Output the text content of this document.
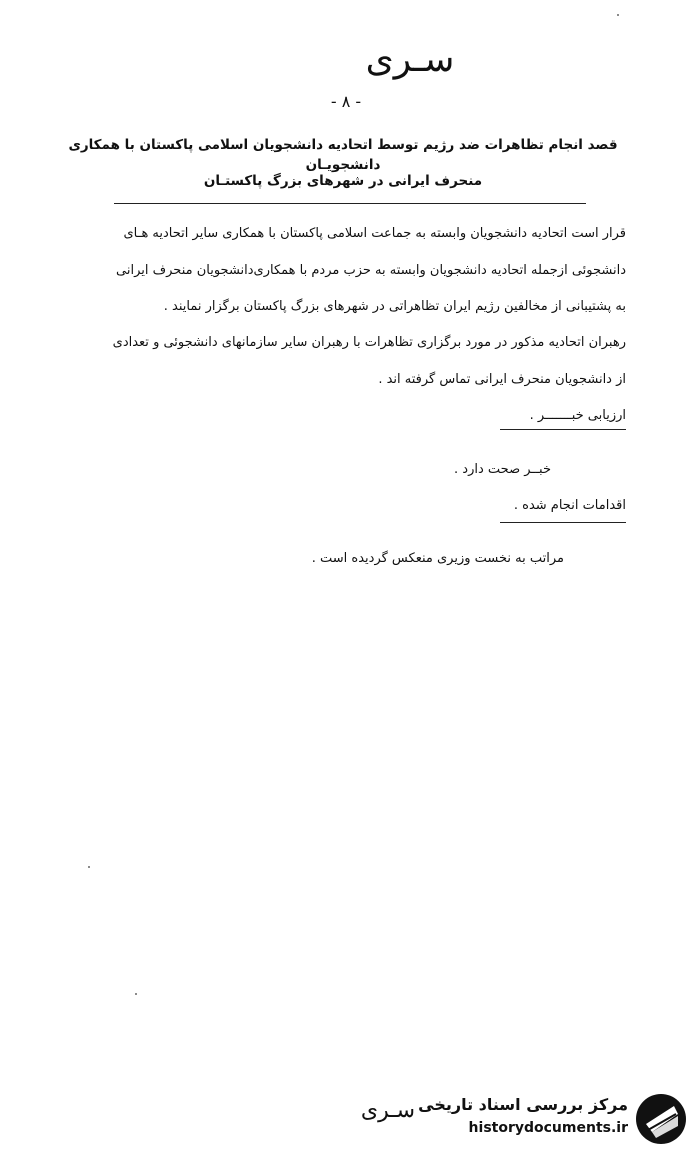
سـری
- ۸ -
قصد انجام تظاهرات ضد رژیم توسط اتحادیه دانشجویان اسلامی پاکستان با همکاری دانشجویـان
منحرف ایرانی در شهرهای بزرگ پاکستـان
قرار است اتحادیه دانشجویان وابسته به جماعت اسلامی پاکستان با همکاری سایر اتحادیه هـای
دانشجوئی ازجمله اتحادیه دانشجویان وابسته به حزب مردم با همکاری‌دانشجویان منحرف ایرانی
به پشتیبانی از مخالفین رژیم ایران تظاهراتی در شهرهای بزرگ پاکستان برگزار نمایند .
رهبران اتحادیه مذکور در مورد برگزاری تظاهرات با رهبران سایر سازمانهای دانشجوئی و تعدادی
از دانشجویان منحرف ایرانی تماس گرفته اند .
ارزیابی خبـــــــر .
خبــر صحت دارد .
اقدامات انجام شده .
مراتب به نخست وزیری منعکس گردیده است .
سـری مرکز بررسی اسناد تاریخی
historydocuments.ir
